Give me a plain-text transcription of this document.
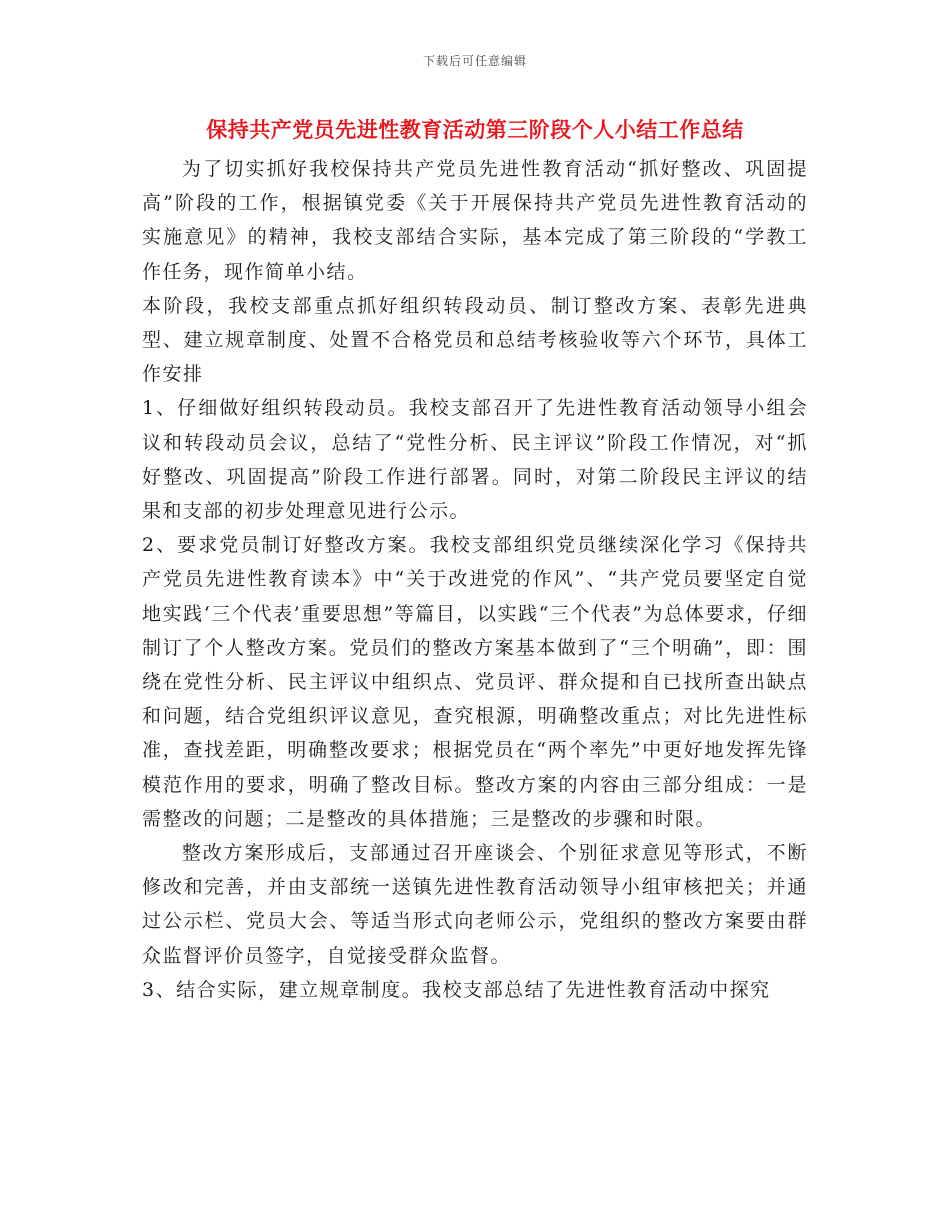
下载后可任意编辑
保持共产党员先进性教育活动第三阶段个人小结工作总结

为了切实抓好我校保持共产党员先进性教育活动“抓好整改、巩固提高”阶段的工作，根据镇党委《关于开展保持共产党员先进性教育活动的实施意见》的精神，我校支部结合实际，基本完成了第三阶段的“学教工作任务，现作简单小结。

本阶段，我校支部重点抓好组织转段动员、制订整改方案、表彰先进典型、建立规章制度、处置不合格党员和总结考核验收等六个环节，具体工作安排

1、仔细做好组织转段动员。我校支部召开了先进性教育活动领导小组会议和转段动员会议，总结了“党性分析、民主评议”阶段工作情况，对“抓好整改、巩固提高”阶段工作进行部署。同时，对第二阶段民主评议的结果和支部的初步处理意见进行公示。

2、要求党员制订好整改方案。我校支部组织党员继续深化学习《保持共产党员先进性教育读本》中“关于改进党的作风”、“共产党员要坚定自觉地实践‘三个代表’重要思想”等篇目，以实践“三个代表”为总体要求，仔细制订了个人整改方案。党员们的整改方案基本做到了“三个明确”，即：围绕在党性分析、民主评议中组织点、党员评、群众提和自已找所查出缺点和问题，结合党组织评议意见，查究根源，明确整改重点；对比先进性标准，查找差距，明确整改要求；根据党员在“两个率先”中更好地发挥先锋模范作用的要求，明确了整改目标。整改方案的内容由三部分组成：一是需整改的问题；二是整改的具体措施；三是整改的步骤和时限。

整改方案形成后，支部通过召开座谈会、个别征求意见等形式，不断修改和完善，并由支部统一送镇先进性教育活动领导小组审核把关；并通过公示栏、党员大会、等适当形式向老师公示，党组织的整改方案要由群众监督评价员签字，自觉接受群众监督。

3、结合实际，建立规章制度。我校支部总结了先进性教育活动中探究
